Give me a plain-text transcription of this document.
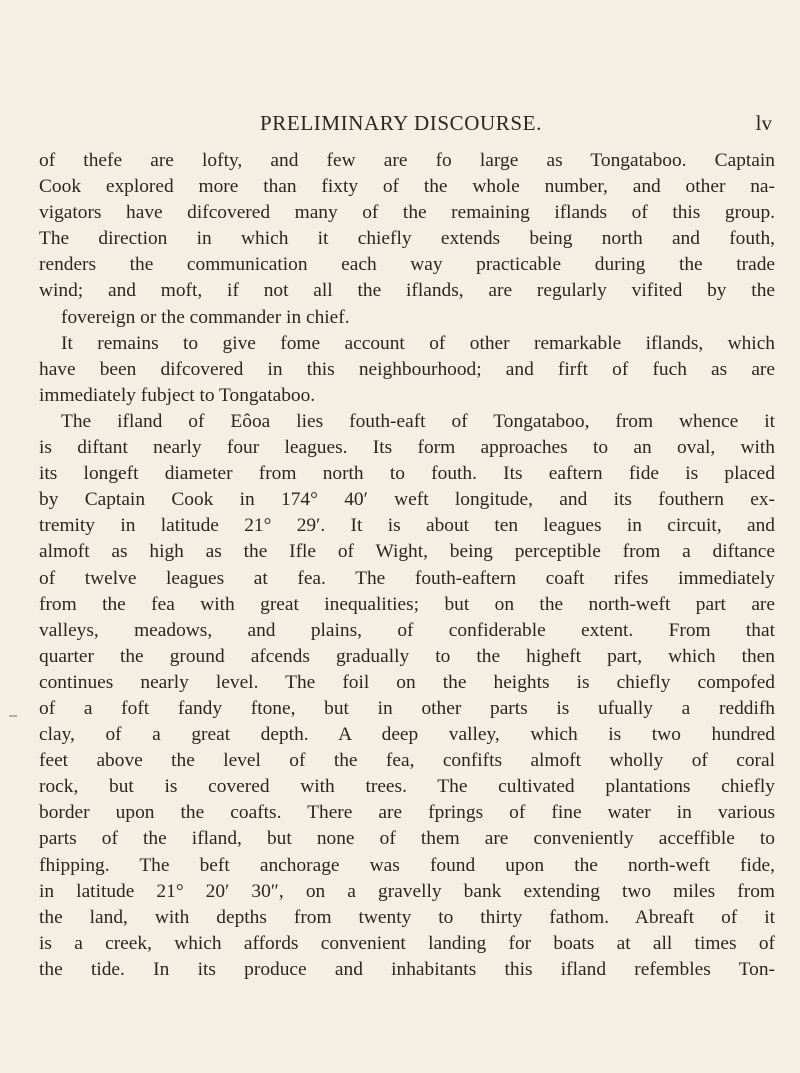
PRELIMINARY DISCOURSE.	lv
of thefe are lofty, and few are fo large as Tongataboo. Captain
Cook explored more than fixty of the whole number, and other na-
vigators have difcovered many of the remaining iflands of this group.
The direction in which it chiefly extends being north and fouth,
renders the communication each way practicable during the trade
wind; and moft, if not all the iflands, are regularly vifited by the
fovereign or the commander in chief.
It remains to give fome account of other remarkable iflands, which
have been difcovered in this neighbourhood; and firft of fuch as are
immediately fubject to Tongataboo.
The ifland of Eôoa lies fouth-eaft of Tongataboo, from whence it
is diftant nearly four leagues. Its form approaches to an oval, with
its longeft diameter from north to fouth. Its eaftern fide is placed
by Captain Cook in 174° 40′ weft longitude, and its fouthern ex-
tremity in latitude 21° 29′. It is about ten leagues in circuit, and
almoft as high as the Ifle of Wight, being perceptible from a diftance
of twelve leagues at fea. The fouth-eaftern coaft rifes immediately
from the fea with great inequalities; but on the north-weft part are
valleys, meadows, and plains, of confiderable extent. From that
quarter the ground afcends gradually to the higheft part, which then
continues nearly level. The foil on the heights is chiefly compofed
of a foft fandy ftone, but in other parts is ufually a reddifh
clay, of a great depth. A deep valley, which is two hundred
feet above the level of the fea, confifts almoft wholly of coral
rock, but is covered with trees. The cultivated plantations chiefly
border upon the coafts. There are fprings of fine water in various
parts of the ifland, but none of them are conveniently acceffible to
fhipping. The beft anchorage was found upon the north-weft fide,
in latitude 21° 20′ 30″, on a gravelly bank extending two miles from
the land, with depths from twenty to thirty fathom. Abreaft of it
is a creek, which affords convenient landing for boats at all times of
the tide. In its produce and inhabitants this ifland refembles Ton-
